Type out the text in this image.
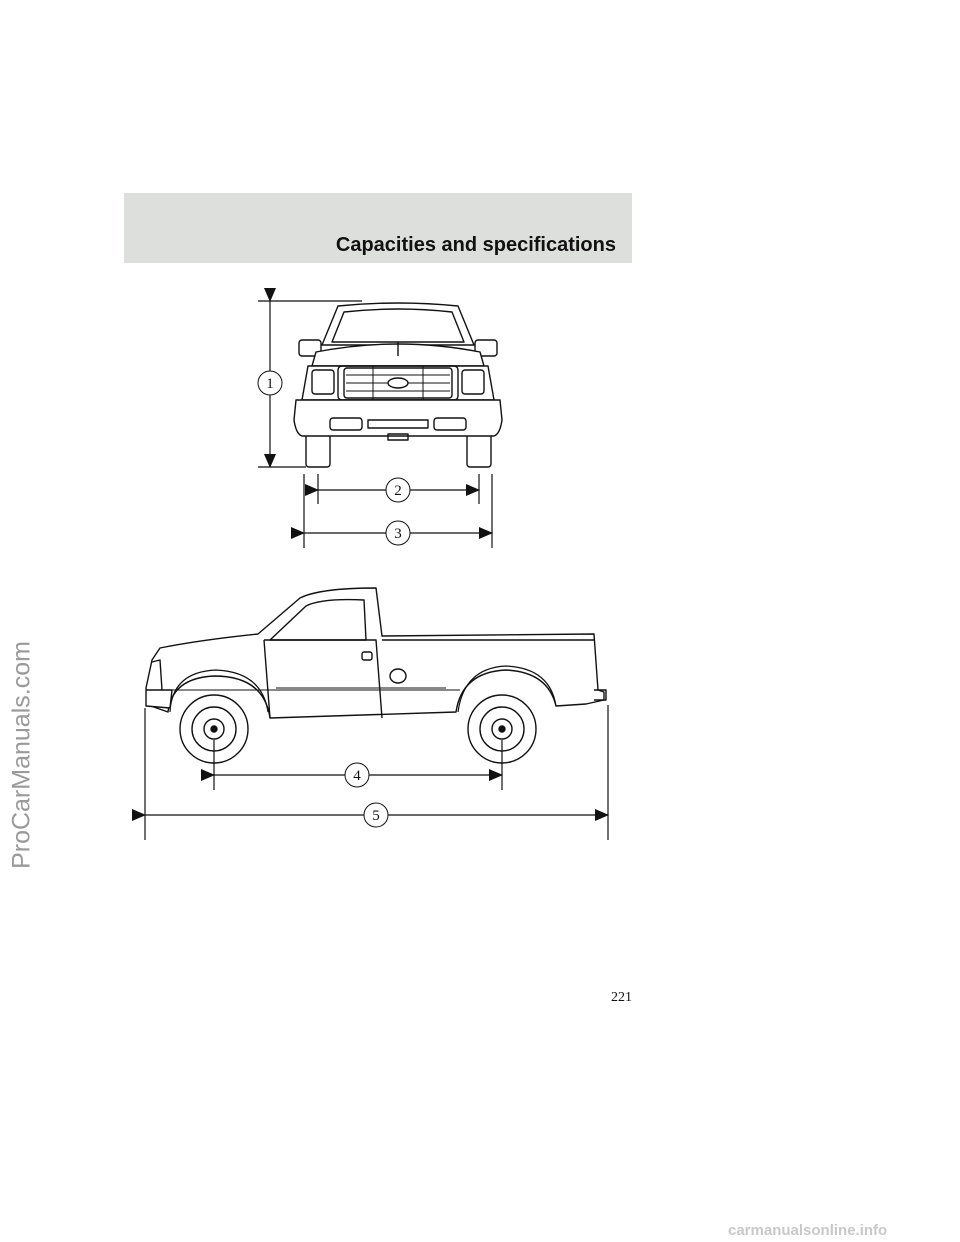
Capacities and specifications
1
2
3
4
5
221
ProCarManuals.com
carmanualsonline.info
